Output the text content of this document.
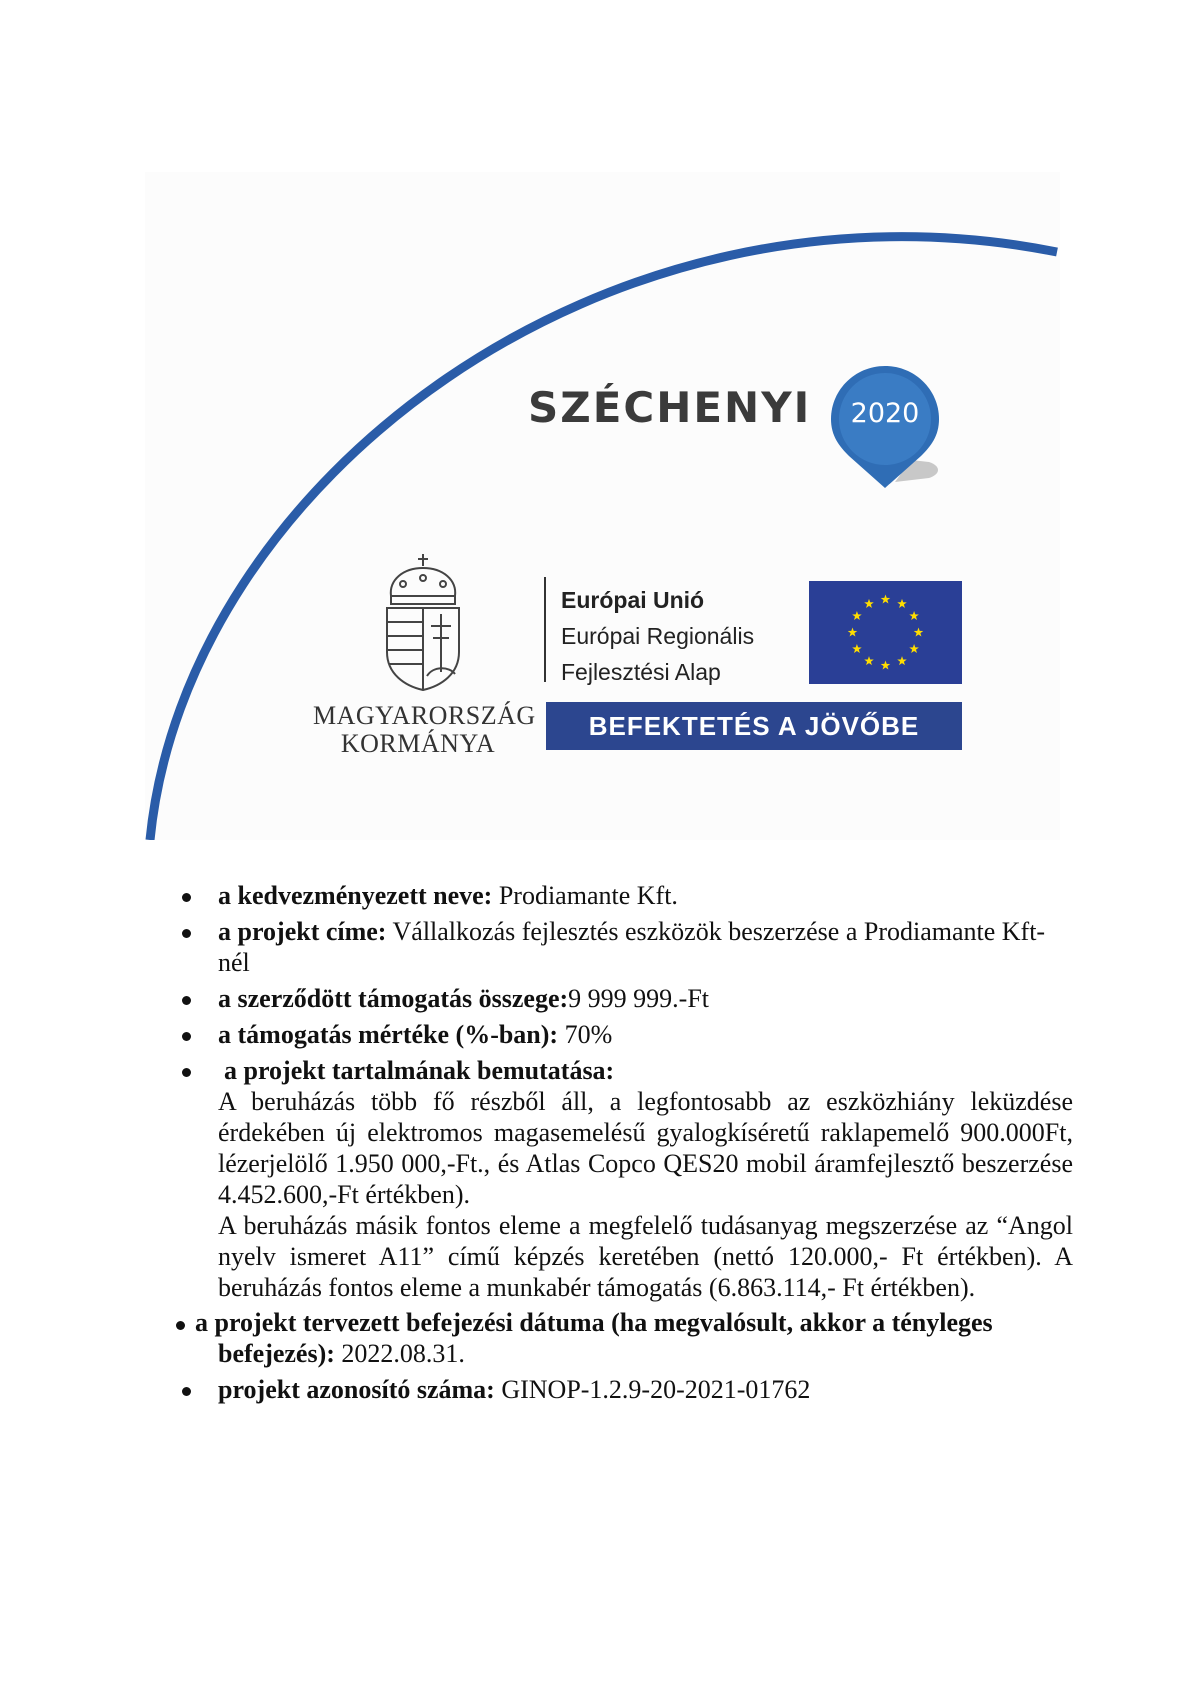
SZÉCHENYI	2020
MAGYARORSZÁG
KORMÁNYA
Európai Unió
Európai Regionális
Fejlesztési Alap
BEFEKTETÉS A JÖVŐBE
a kedvezményezett neve: Prodiamante Kft.
a projekt címe: Vállalkozás fejlesztés eszközök beszerzése a Prodiamante Kft-nél
a szerződött támogatás összege:9 999 999.-Ft
a támogatás mértéke (%-ban): 70%
a projekt tartalmának bemutatása:

A beruházás több fő részből áll, a legfontosabb az eszközhiány leküzdése érdekében új elektromos magasemelésű gyalogkíséretű raklapemelő 900.000Ft, lézerjelölő 1.950 000,-Ft., és Atlas Copco QES20 mobil áramfejlesztő beszerzése 4.452.600,-Ft értékben).

A beruházás másik fontos eleme a megfelelő tudásanyag megszerzése az “Angol nyelv ismeret A11” című képzés keretében (nettó 120.000,- Ft értékben). A beruházás fontos eleme a munkabér támogatás (6.863.114,- Ft értékben).

a projekt tervezett befejezési dátuma (ha megvalósult, akkor a tényleges befejezés): 2022.08.31.
projekt azonosító száma: GINOP-1.2.9-20-2021-01762
